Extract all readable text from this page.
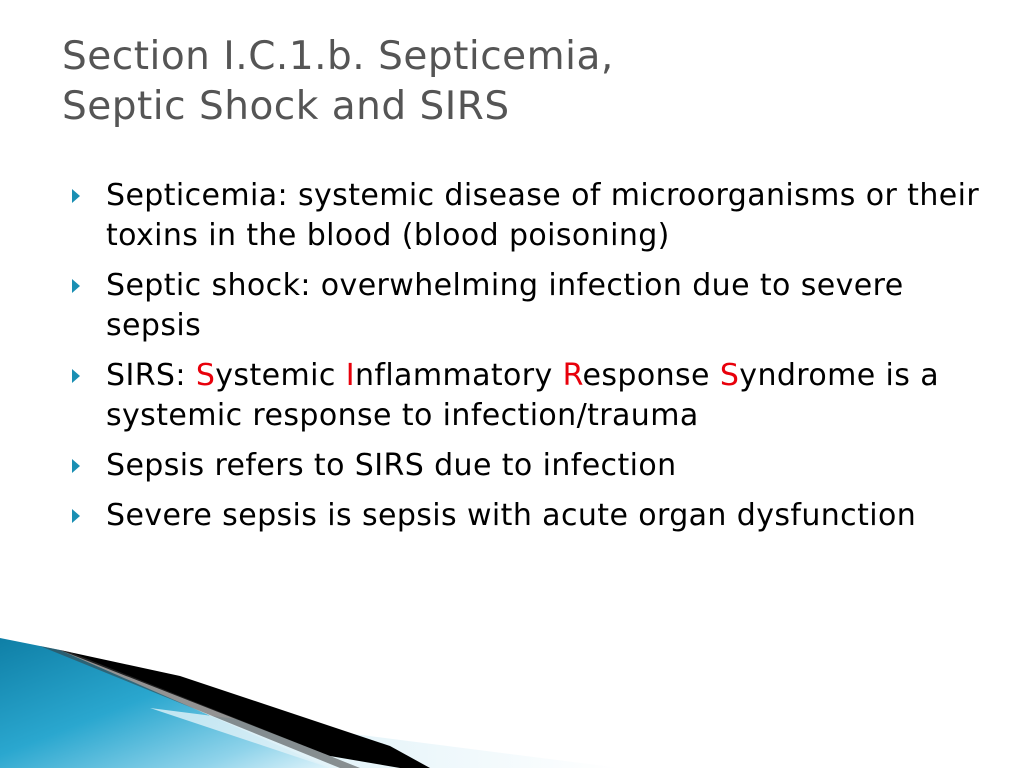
Section I.C.1.b. Septicemia,
Septic Shock and SIRS
Septicemia: systemic disease of microorganisms or their toxins in the blood (blood poisoning)
Septic shock: overwhelming infection due to severe sepsis
SIRS: Systemic Inflammatory Response Syndrome is a systemic response to infection/trauma
Sepsis refers to SIRS due to infection
Severe sepsis is sepsis with acute organ dysfunction
